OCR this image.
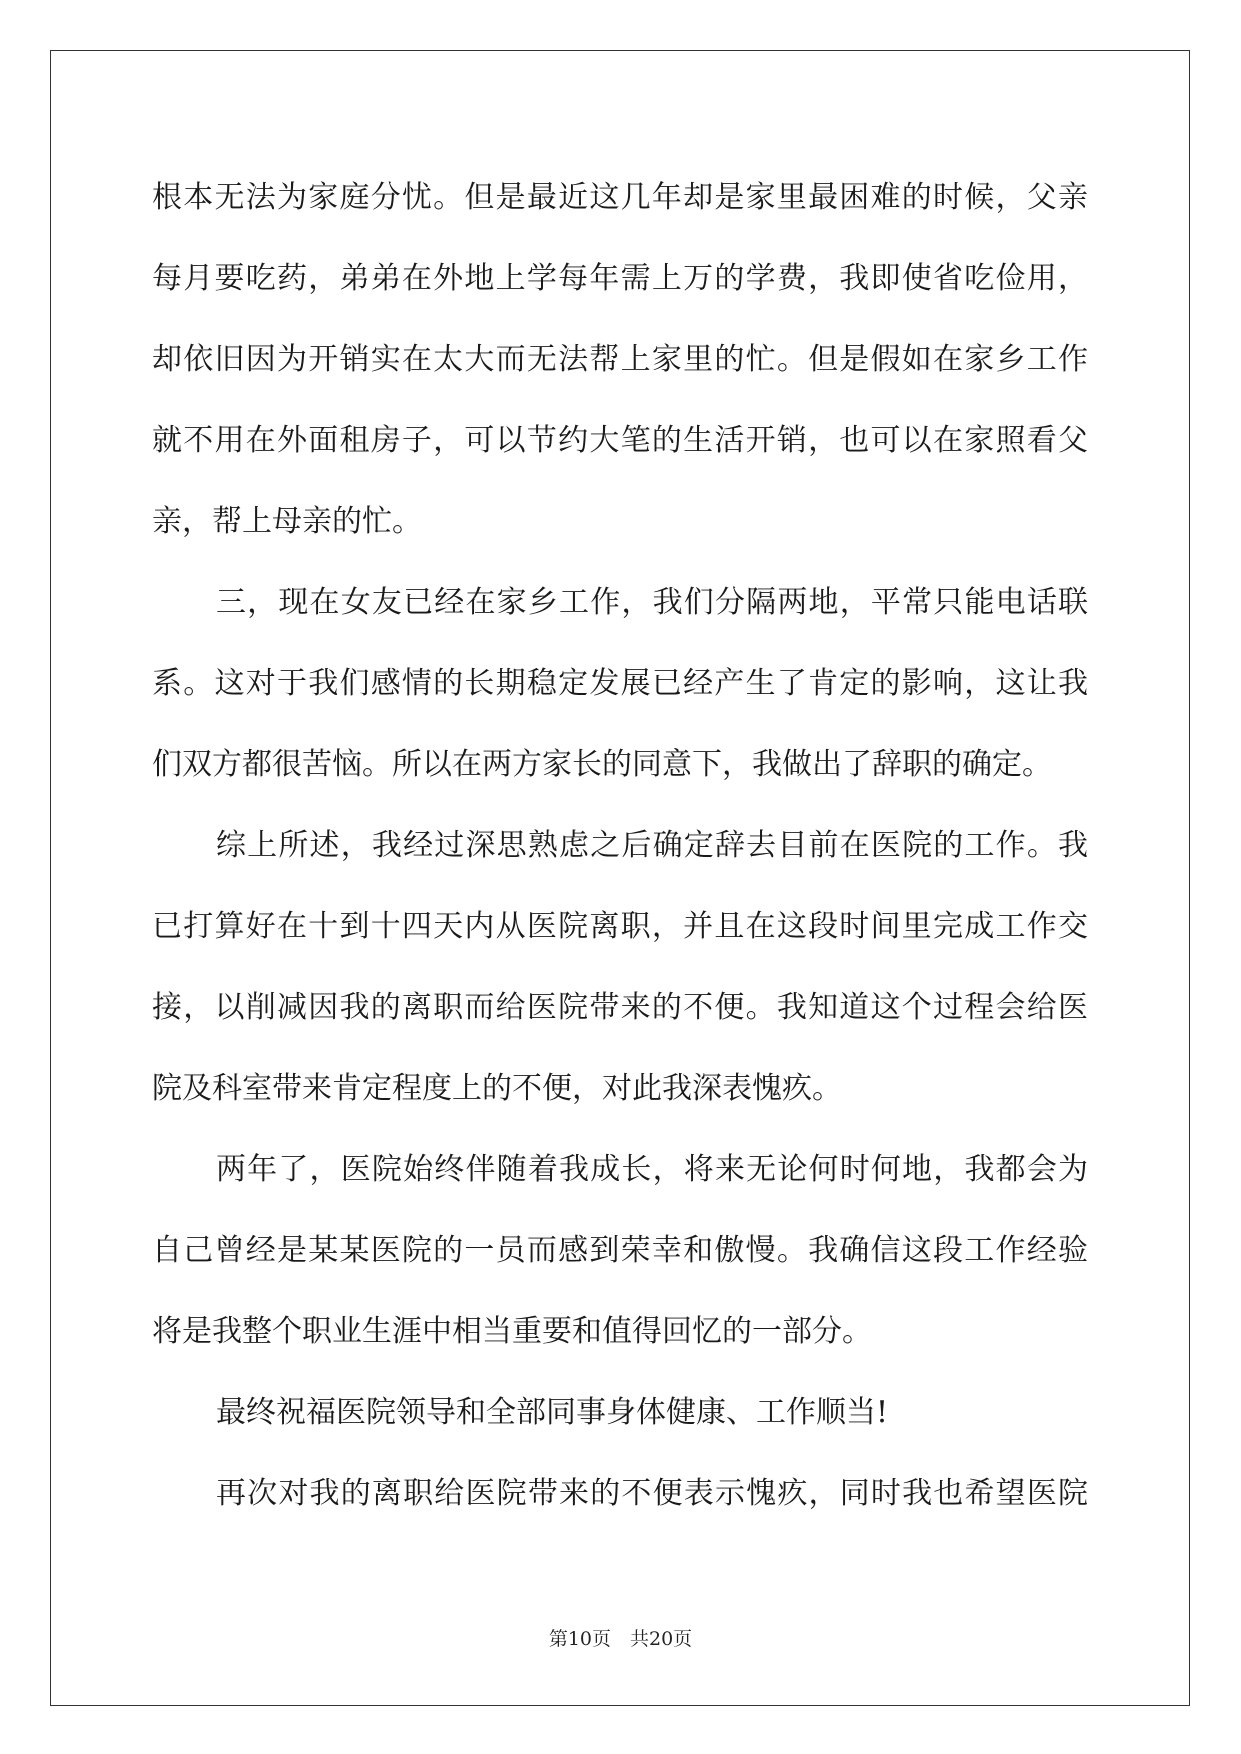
根本无法为家庭分忧。但是最近这几年却是家里最困难的时候，父亲
每月要吃药，弟弟在外地上学每年需上万的学费，我即使省吃俭用，
却依旧因为开销实在太大而无法帮上家里的忙。但是假如在家乡工作
就不用在外面租房子，可以节约大笔的生活开销，也可以在家照看父
亲，帮上母亲的忙。
三，现在女友已经在家乡工作，我们分隔两地，平常只能电话联
系。这对于我们感情的长期稳定发展已经产生了肯定的影响，这让我
们双方都很苦恼。所以在两方家长的同意下，我做出了辞职的确定。
综上所述，我经过深思熟虑之后确定辞去目前在医院的工作。我
已打算好在十到十四天内从医院离职，并且在这段时间里完成工作交
接，以削减因我的离职而给医院带来的不便。我知道这个过程会给医
院及科室带来肯定程度上的不便，对此我深表愧疚。
两年了，医院始终伴随着我成长，将来无论何时何地，我都会为
自己曾经是某某医院的一员而感到荣幸和傲慢。我确信这段工作经验
将是我整个职业生涯中相当重要和值得回忆的一部分。
最终祝福医院领导和全部同事身体健康、工作顺当!
再次对我的离职给医院带来的不便表示愧疚，同时我也希望医院
第10页　共20页
